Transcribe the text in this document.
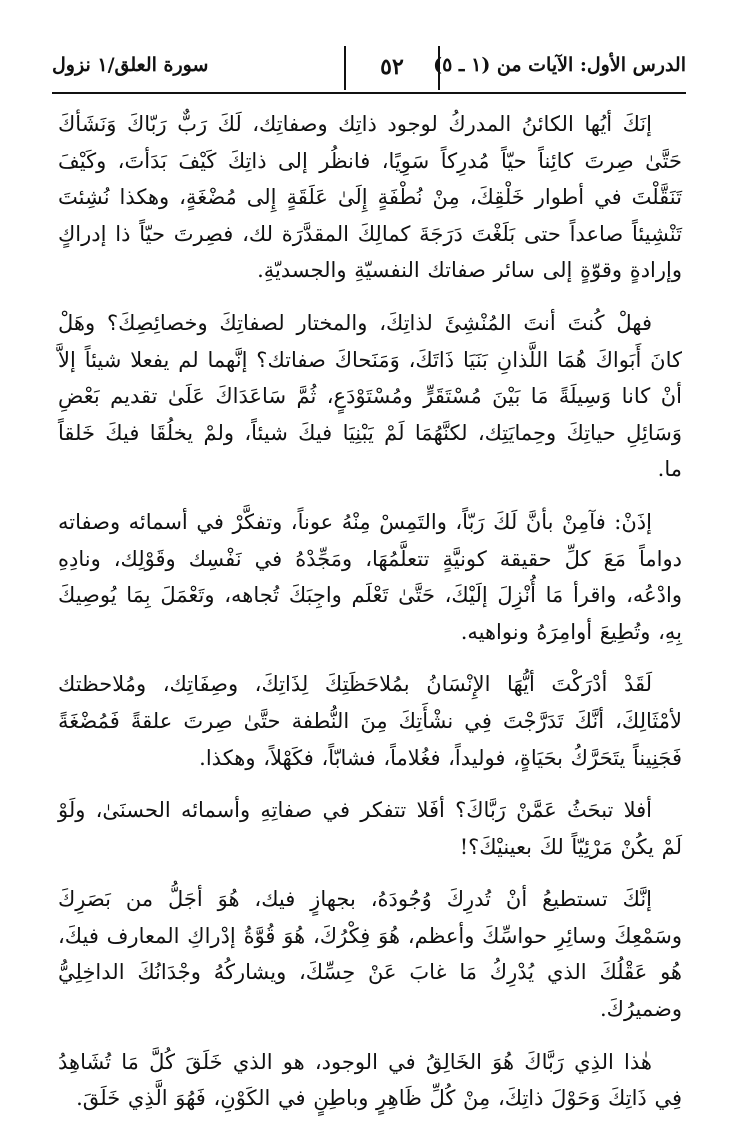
سورة العلق/١ نزول	٥٢	الدرس الأول: الآيات من (١ ـ ٥)

إنَكَ أيُها الكائنُ المدركُ لوجود ذاتِك وصفاتِك، لَكَ رَبٌّ رَبّاكَ وَنَشَأكَ حَتَّىٰ صِرتَ كائِناً حيّاً مُدرِكاً سَوِيًا، فانظُر إلى ذاتِكَ كَيْفَ بَدَأتَ، وكَيْفَ تَنَقَّلْتَ في أطوار خَلْقِكَ، مِنْ نُطْفَةٍ إِلَىٰ عَلَقَةٍ إِلى مُضْغَةٍ، وهكذا نُشِئتَ تَنْشِيئاً صاعداً حتى بَلَغْتَ دَرَجَةَ كمالِكَ المقدَّرَة لك، فصِرتَ حيّاً ذا إدراكٍ وإرادةٍ وقوّةٍ إلى سائر صفاتك النفسيّةِ والجسديّةِ.

فهلْ كُنتَ أنتَ المُنْشِئَ لذاتِكَ، والمختار لصفاتِكَ وخصائِصِكَ؟ وهَلْ كانَ أَبَواكَ هُمَا اللَّذانِ بَنَيَا ذَاتَكَ، وَمَنَحاكَ صفاتك؟ إنَّهما لم يفعلا شيئاً إلاَّ أنْ كانا وَسِيلَةً مَا بَيْنَ مُسْتَقَرٍّ ومُسْتَوْدَعٍ، ثُمَّ سَاعَدَاكَ عَلَىٰ تقديم بَعْضِ وَسَائِلِ حياتِكَ وحِمايَتِك، لكنَّهُمَا لَمْ يَبْنِيَا فيكَ شيئاً، ولمْ يخلُقَا فيكَ خَلقاً ما.

إذَنْ: فآمِنْ بأنَّ لَكَ رَبّاً، والتَمِسْ مِنْهُ عوناً، وتفكَّرْ في أسمائه وصفاته دواماً مَعَ كلِّ حقيقة كونيَّةٍ تتعلَّمُهَا، ومَجِّدْهُ في نَفْسِك وقَوْلِك، ونادِهِ وادْعُه، واقرأ مَا أُنْزِلَ إلَيْكَ، حَتَّىٰ تَعْلَم واجِبَكَ تُجاهه، وتَعْمَلَ بِمَا يُوصِيكَ بِهِ، وتُطِيعَ أوامِرَهُ ونواهيه.

لَقَدْ أدْرَكْتَ أيُّهَا الإِنْسَانُ بمُلاحَظَتِكَ لِذَاتِكَ، وصِفَاتِك، ومُلاحظتك لأمْثَالِكَ، أنَّكَ تَدَرَّجْتَ فِي نشْأَتِكَ مِنَ النُّطفة حتَّىٰ صِرتَ علقةً فَمُضْغَةً فَجَنِيناً يتَحَرَّكُ بحَيَاةٍ، فوليداً، فغُلاماً، فشابّاً، فكَهْلاً، وهكذا.

أفلا تبحَثُ عَمَّنْ رَبَّاكَ؟ أفَلا تتفكر في صفاتِهِ وأسمائه الحسنَىٰ، ولَوْ لَمْ يكُنْ مَرْئِيّاً لكَ بعينيْكَ؟!

إنَّكَ تستطيعُ أنْ تُدرِكَ وُجُودَهُ، بجهازٍ فيك، هُوَ أجَلُّ من بَصَرِكَ وسَمْعِكَ وسائِرِ حواسِّكَ وأعظم، هُوَ فِكْرُكَ، هُوَ قُوَّةُ إدْراكِ المعارف فيكَ، هُو عَقْلُكَ الذي يُدْرِكُ مَا غابَ عَنْ حِسِّكَ، ويشاركُهُ وجْدَانُكَ الداخِلِيُّ وضميرُكَ.

هٰذا الذِي رَبَّاكَ هُوَ الخَالِقُ في الوجود، هو الذي خَلَقَ كُلَّ مَا تُشَاهِدُ فِي ذَاتِكَ وَحَوْلَ ذاتِكَ، مِنْ كُلِّ ظَاهِرٍ وباطِنٍ في الكَوْنِ، فَهُوَ الَّذِي خَلَقَ.
